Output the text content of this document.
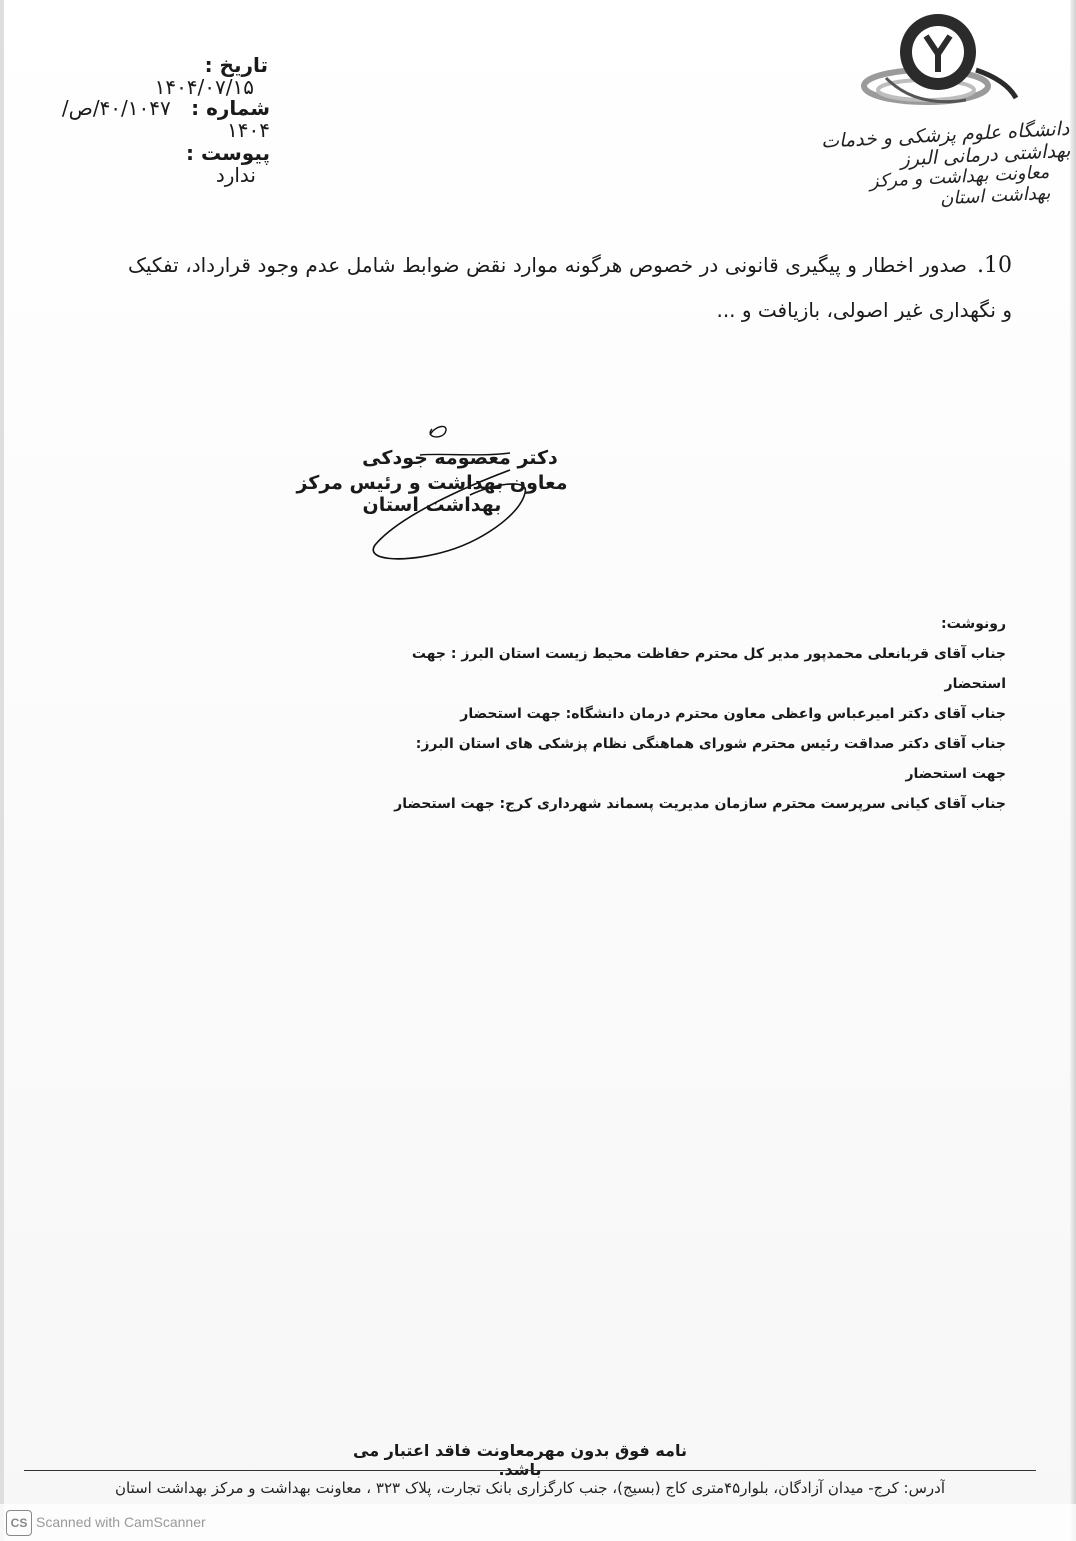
تاریخ : ۱۴۰۴/۰۷/۱۵
شماره : ۴۰/۱۰۴۷/ص/۱۴۰۴
پیوست : ندارد
دانشگاه علوم پزشکی و خدمات بهداشتی درمانی البرز
معاونت بهداشت و مرکز بهداشت استان
10.صدور اخطار و پیگیری قانونی در خصوص هرگونه موارد نقض ضوابط شامل عدم وجود قرارداد، تفکیک و نگهداری غیر اصولی، بازیافت و ...
دکتر معصومه جودکی
معاون بهداشت و رئیس مرکز بهداشت استان
رونوشت:
جناب آقای قربانعلی محمدپور مدیر کل محترم حفاظت محیط زیست استان البرز : جهت استحضار
جناب آقای دکتر امیرعباس واعظی معاون محترم درمان دانشگاه: جهت استحضار
جناب آقای دکتر صداقت رئیس محترم شورای هماهنگی نظام پزشکی های استان البرز: جهت استحضار
جناب آقای کیانی سرپرست محترم سازمان مدیریت پسماند شهرداری کرج: جهت استحضار
نامه فوق بدون مهرمعاونت فاقد اعتبار می باشد.
آدرس: کرج- میدان آزادگان، بلوار۴۵متری کاج (بسیج)، جنب کارگزاری بانک تجارت، پلاک ۳۲۳ ، معاونت بهداشت و مرکز بهداشت استان
CS Scanned with CamScanner
